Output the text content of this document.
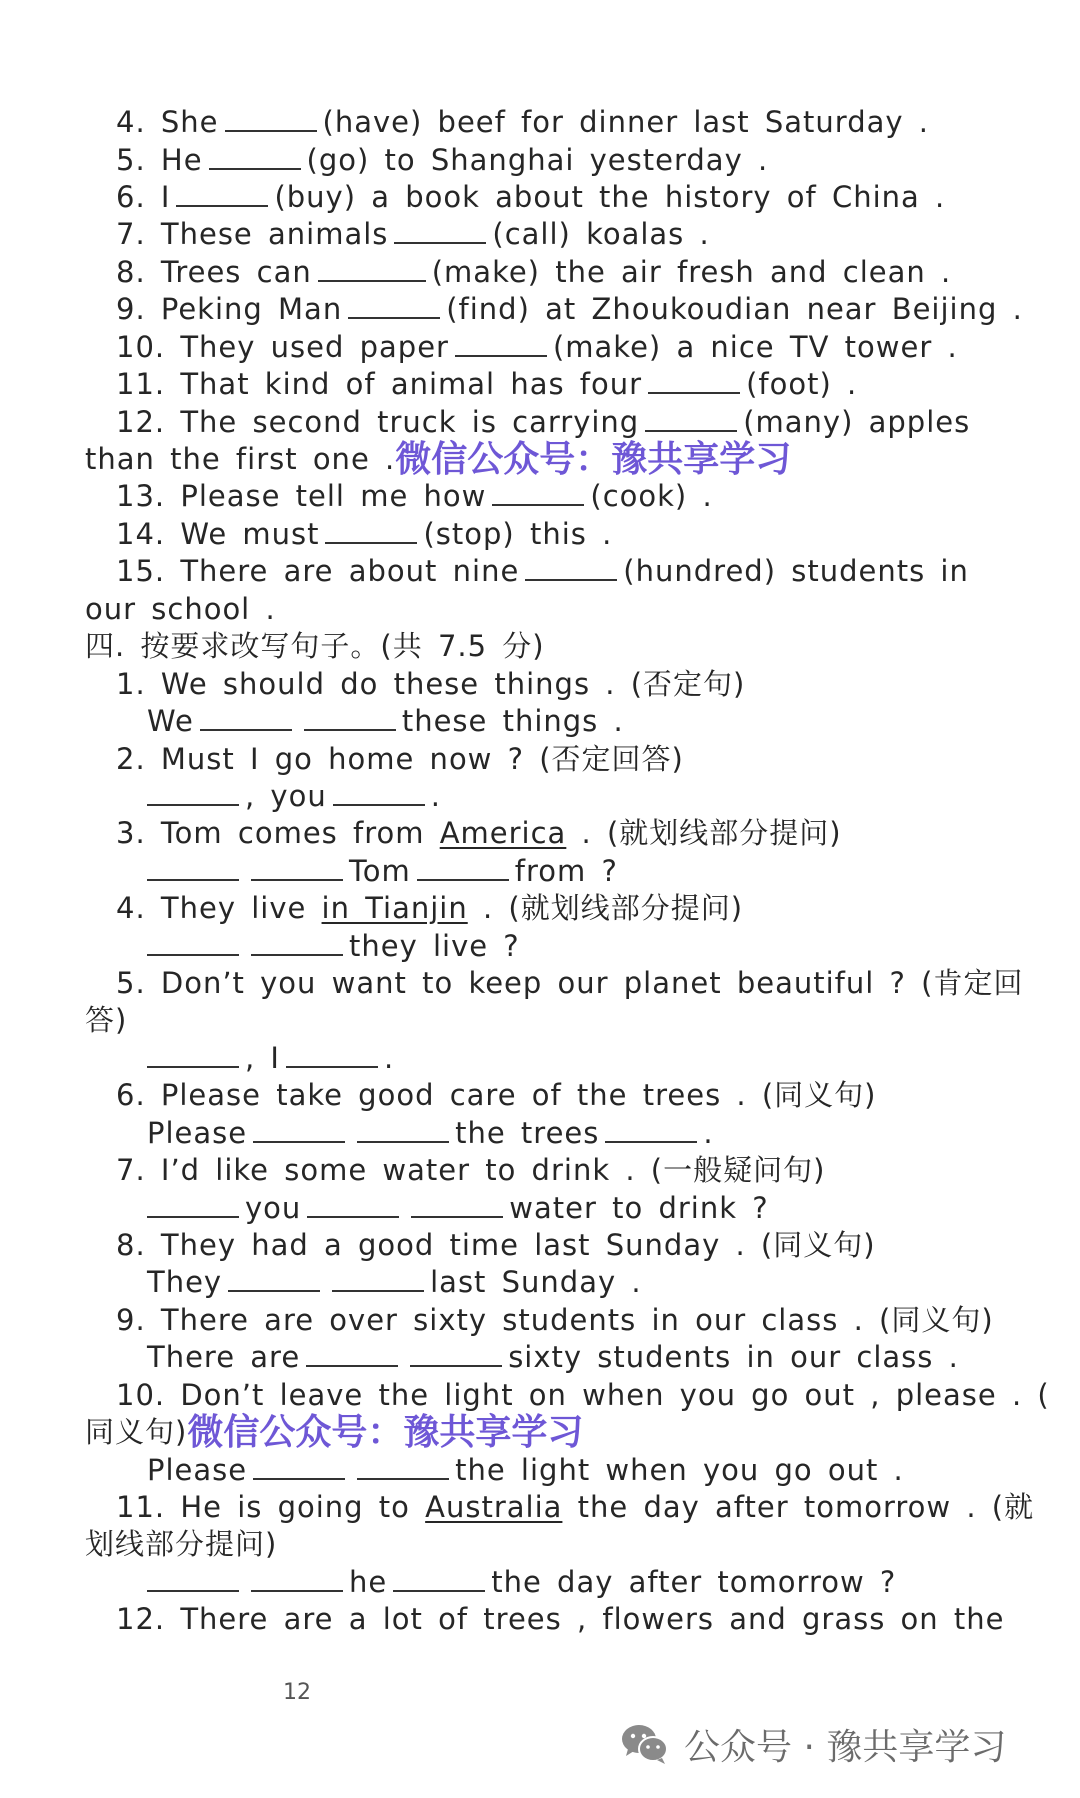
4. She	(have) beef for dinner last Saturday .
5. He	(go) to Shanghai yesterday .
6. I	(buy) a book about the history of China .
7. These animals	(call) koalas .
8. Trees can	(make) the air fresh and clean .
9. Peking Man	(find) at Zhoukoudian near Beijing .
10. They used paper	(make) a nice TV tower .
11. That kind of animal has four	(foot) .
12. The second truck is carrying	(many) apples
than the first one .微信公众号：豫共享学习
13. Please tell me how	(cook) .
14. We must	(stop) this .
15. There are about nine	(hundred) students in
our school .
四. 按要求改写句子。(共 7.5 分)
1. We should do these things . (否定句)
We	these things .
2. Must I go home now ? (否定回答)
, you	.
3. Tom comes from America . (就划线部分提问)
Tom	from ?
4. They live in Tianjin . (就划线部分提问)
they live ?
5. Don’t you want to keep our planet beautiful ? (肯定回
答)
, I	.
6. Please take good care of the trees . (同义句)
Please	the trees	.
7. I’d like some water to drink . (一般疑问句)
you	water to drink ?
8. They had a good time last Sunday . (同义句)
They	last Sunday .
9. There are over sixty students in our class . (同义句)
There are	sixty students in our class .
10. Don’t leave the light on when you go out , please . (
同义句)微信公众号：豫共享学习
Please	the light when you go out .
11. He is going to Australia the day after tomorrow . (就
划线部分提问)
he	the day after tomorrow ?
12. There are a lot of trees , flowers and grass on the
12
公众号 · 豫共享学习
